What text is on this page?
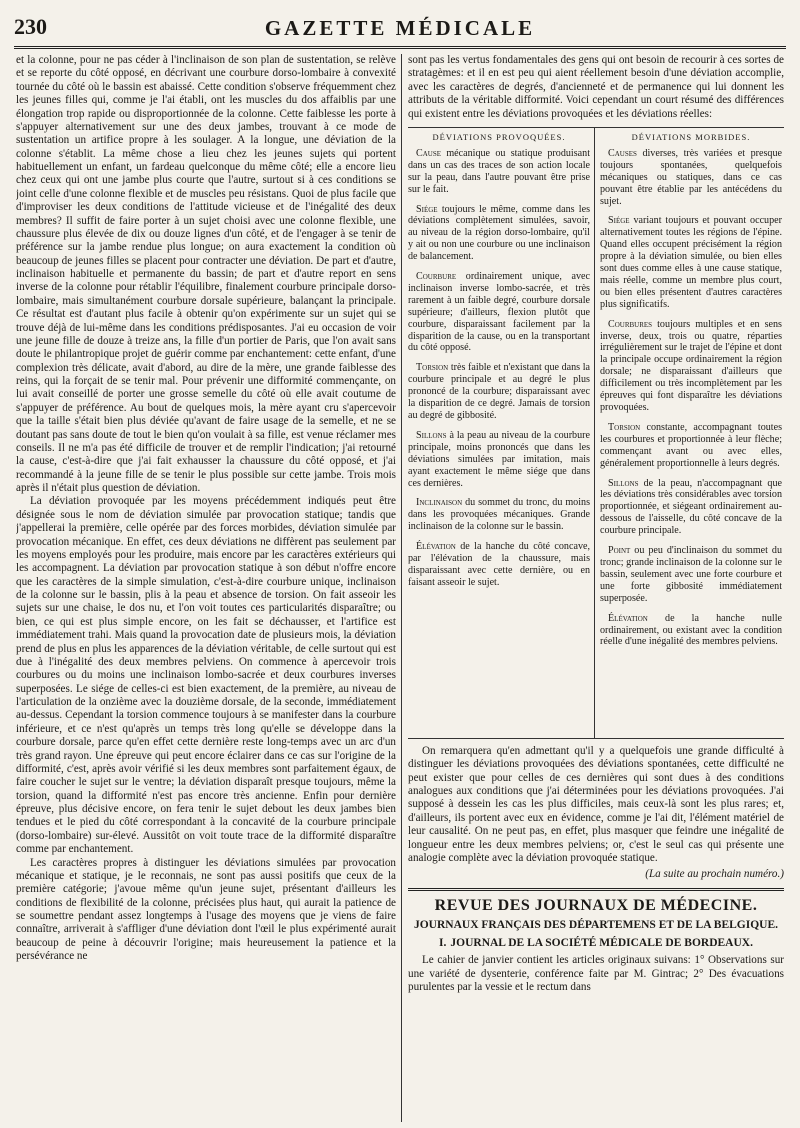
230	GAZETTE MÉDICALE

et la colonne, pour ne pas céder à l'inclinaison de son plan de sustentation, se relève et se reporte du côté opposé, en décrivant une courbure dorso-lombaire à convexité tournée du côté où le bassin est abaissé. Cette condition s'observe fréquemment chez les jeunes filles qui, comme je l'ai établi, ont les muscles du dos affaiblis par une élongation trop rapide ou disproportionnée de la colonne. Cette faiblesse les porte à s'appuyer alternativement sur une des deux jambes, trouvant à ce mode de sustentation un artifice propre à les soulager. A la longue, une déviation de la colonne s'établit. La même chose a lieu chez les jeunes sujets qui portent habituellement un enfant, un fardeau quelconque du même côté; elle a encore lieu chez ceux qui ont une jambe plus courte que l'autre, surtout si à ces conditions se joint celle d'une colonne flexible et de muscles peu résistans. Quoi de plus facile que d'improviser les deux conditions de l'attitude vicieuse et de l'inégalité des deux membres? Il suffit de faire porter à un sujet choisi avec une colonne flexible, une chaussure plus élevée de dix ou douze lignes d'un côté, et de l'engager à se tenir de préférence sur la jambe rendue plus longue; on aura exactement la condition où beaucoup de jeunes filles se placent pour contracter une déviation. De part et d'autre, inclinaison habituelle et permanente du bassin; de part et d'autre report en sens inverse de la colonne pour rétablir l'équilibre, finalement courbure principale dorso-lombaire, mais simultanément courbure dorsale supérieure, balançant la principale. Ce résultat est d'autant plus facile à obtenir qu'on expérimente sur un sujet qui se trouve déjà de lui-même dans les conditions prédisposantes. J'ai eu occasion de voir une jeune fille de douze à treize ans, la fille d'un portier de Paris, que l'on avait sans doute le philantropique projet de guérir comme par enchantement: cette enfant, d'une complexion très délicate, avait d'abord, au dire de la mère, une grande faiblesse des reins, qui la forçait de se tenir mal. Pour prévenir une difformité commençante, on lui avait conseillé de porter une grosse semelle du côté où elle avait coutume de s'appuyer de préférence. Au bout de quelques mois, la mère ayant cru s'apercevoir que la taille s'était bien plus déviée qu'avant de faire usage de la semelle, et ne se doutant pas sans doute de tout le bien qu'on voulait à sa fille, est venue réclamer mes conseils. Il ne m'a pas été difficile de trouver et de remplir l'indication; j'ai retourné la cause, c'est-à-dire que j'ai fait exhausser la chaussure du côté opposé, et j'ai recommandé à la jeune fille de se tenir le plus possible sur cette jambe. Trois mois après il n'était plus question de déviation.

La déviation provoquée par les moyens précédemment indiqués peut être désignée sous le nom de déviation simulée par provocation statique; tandis que j'appellerai la première, celle opérée par des forces morbides, déviation simulée par provocation mécanique. En effet, ces deux déviations ne diffèrent pas seulement par les moyens employés pour les produire, mais encore par les caractères extérieurs qui les accompagnent. La déviation par provocation statique à son début n'offre encore que les caractères de la simple simulation, c'est-à-dire courbure unique, inclinaison de la colonne sur le bassin, plis à la peau et absence de torsion. On fait asseoir les sujets sur une chaise, le dos nu, et l'on voit toutes ces particularités disparaître; ou bien, ce qui est plus simple encore, on les fait se déchausser, et l'artifice est immédiatement trahi. Mais quand la provocation date de plusieurs mois, la déviation prend de plus en plus les apparences de la déviation véritable, de celle surtout qui est due à l'inégalité des deux membres pelviens. On commence à apercevoir trois courbures ou du moins une inclinaison lombo-sacrée et deux courbures inverses superposées. Le siége de celles-ci est bien exactement, de la première, au niveau de l'articulation de la onzième avec la douzième dorsale, de la seconde, immédiatement au-dessus. Cependant la torsion commence toujours à se manifester dans la courbure inférieure, et ce n'est qu'après un temps très long qu'elle se développe dans la courbure dorsale, parce qu'en effet cette dernière reste long-temps avec un arc d'un très grand rayon. Une épreuve qui peut encore éclairer dans ce cas sur l'origine de la difformité, c'est, après avoir vérifié si les deux membres sont parfaitement égaux, de faire coucher le sujet sur le ventre; la déviation disparaît presque toujours, même la torsion, quand la difformité n'est pas encore très ancienne. Enfin pour dernière épreuve, plus décisive encore, on fera tenir le sujet debout les deux jambes bien tendues et le pied du côté correspondant à la concavité de la courbure principale (dorso-lombaire) sur-élevé. Aussitôt on voit toute trace de la difformité disparaître comme par enchantement.

Les caractères propres à distinguer les déviations simulées par provocation mécanique et statique, je le reconnais, ne sont pas aussi positifs que ceux de la première catégorie; j'avoue même qu'un jeune sujet, présentant d'ailleurs les conditions de flexibilité de la colonne, précisées plus haut, qui aurait la patience de se soumettre pendant assez longtemps à l'usage des moyens que je viens de faire connaître, arriverait à s'affliger d'une déviation dont l'œil le plus expérimenté aurait beaucoup de peine à découvrir l'origine; mais heureusement la patience et la persévérance ne

sont pas les vertus fondamentales des gens qui ont besoin de recourir à ces sortes de stratagèmes: et il en est peu qui aient réellement besoin d'une déviation accomplie, avec les caractères de degrés, d'ancienneté et de permanence qui lui donnent les attributs de la véritable difformité. Voici cependant un court résumé des différences qui existent entre les déviations provoquées et les déviations réelles:

DÉVIATIONS PROVOQUÉES.

Cause mécanique ou statique produisant dans un cas des traces de son action locale sur la peau, dans l'autre pouvant être prise sur le fait.

Siége toujours le même, comme dans les déviations complètement simulées, savoir, au niveau de la région dorso-lombaire, qu'il y ait ou non une courbure ou une inclinaison de balancement.

Courbure ordinairement unique, avec inclinaison inverse lombo-sacrée, et très rarement à un faible degré, courbure dorsale supérieure; d'ailleurs, flexion plutôt que courbure, disparaissant facilement par la disparition de la cause, ou en la transportant du côté opposé.

Torsion très faible et n'existant que dans la courbure principale et au degré le plus prononcé de la courbure; disparaissant avec la disparition de ce degré. Jamais de torsion au degré de gibbosité.

Sillons à la peau au niveau de la courbure principale, moins prononcés que dans les déviations simulées par imitation, mais ayant exactement le même siége que dans ces dernières.

Inclinaison du sommet du tronc, du moins dans les provoquées mécaniques. Grande inclinaison de la colonne sur le bassin.

Élévation de la hanche du côté concave, par l'élévation de la chaussure, mais disparaissant avec cette dernière, ou en faisant asseoir le sujet.

DÉVIATIONS MORBIDES.

Causes diverses, très variées et presque toujours spontanées, quelquefois mécaniques ou statiques, dans ce cas pouvant être établie par les antécédens du sujet.

Siége variant toujours et pouvant occuper alternativement toutes les régions de l'épine. Quand elles occupent précisément la région propre à la déviation simulée, ou bien elles sont dues comme elles à une cause statique, mais réelle, comme un membre plus court, ou bien elles présentent d'autres caractères plus significatifs.

Courbures toujours multiples et en sens inverse, deux, trois ou quatre, réparties irrégulièrement sur le trajet de l'épine et dont la principale occupe ordinairement la région dorsale; ne disparaissant d'ailleurs que difficilement ou très incomplètement par les épreuves qui font disparaître les déviations provoquées.

Torsion constante, accompagnant toutes les courbures et proportionnée à leur flèche; commençant avant ou avec elles, généralement proportionnelle à leurs degrés.

Sillons de la peau, n'accompagnant que les déviations très considérables avec torsion proportionnée, et siégeant ordinairement au-dessous de l'aisselle, du côté concave de la courbure principale.

Point ou peu d'inclinaison du sommet du tronc; grande inclinaison de la colonne sur le bassin, seulement avec une forte courbure et une forte gibbosité immédiatement superposée.

Élévation de la hanche nulle ordinairement, ou existant avec la condition réelle d'une inégalité des membres pelviens.

On remarquera qu'en admettant qu'il y a quelquefois une grande difficulté à distinguer les déviations provoquées des déviations spontanées, cette difficulté ne peut exister que pour celles de ces dernières qui sont dues à des conditions analogues aux conditions que j'ai déterminées pour les déviations provoquées. J'ai supposé à dessein les cas les plus difficiles, mais ceux-là sont les plus rares; et, d'ailleurs, ils portent avec eux en évidence, comme je l'ai dit, l'élément matériel de leur causalité. On ne peut pas, en effet, plus masquer que feindre une inégalité de longueur entre les deux membres pelviens; or, c'est le seul cas qui présente une analogie complète avec la déviation provoquée statique.

(La suite au prochain numéro.)

REVUE DES JOURNAUX DE MÉDECINE.
JOURNAUX FRANÇAIS DES DÉPARTEMENS ET DE LA BELGIQUE.
I. JOURNAL DE LA SOCIÉTÉ MÉDICALE DE BORDEAUX.

Le cahier de janvier contient les articles originaux suivans: 1° Observations sur une variété de dysenterie, conférence faite par M. Gintrac; 2° Des évacuations purulentes par la vessie et le rectum dans
